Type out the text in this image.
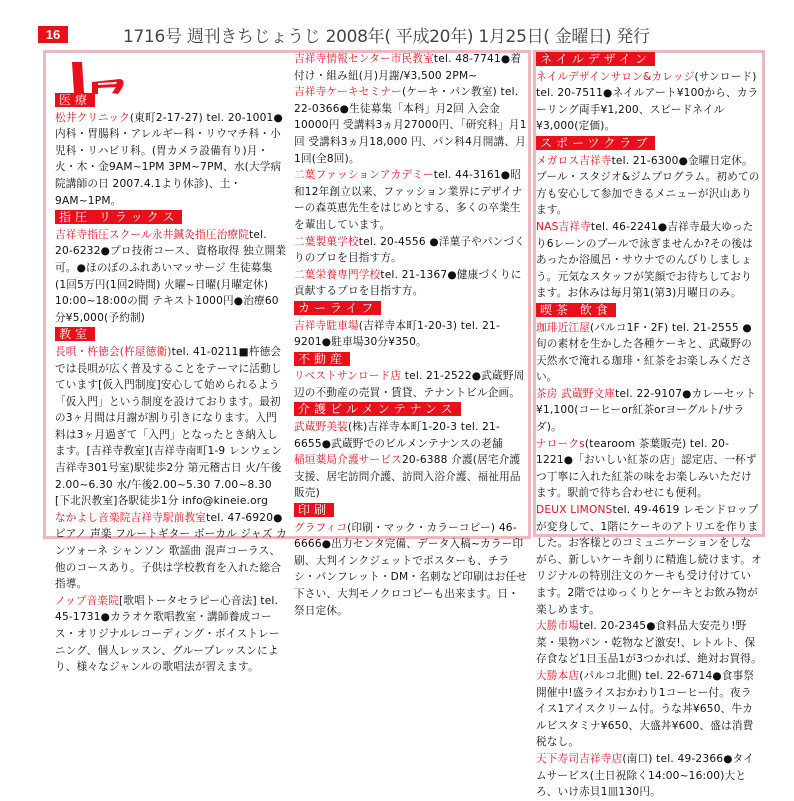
16	1716号 週刊きちじょうじ 2008年( 平成20年) 1月25日( 金曜日) 発行
医療

松井クリニック(東町2-17-27) tel. 20-1001●内科・胃腸科・アレルギー科・リウマチ科・小児科・リハビリ科。(胃カメラ設備有り)月・火・木・金9AM~1PM 3PM~7PM、水(大学病院講師の日 2007.4.1より休診)、土・9AM~1PM。

指圧 リラックス

吉祥寺指圧スクール永井鍼灸指圧治療院tel. 20-6232●プロ技術コース、資格取得 独立開業可。●ほのぼのふれあいマッサージ 生徒募集 (1回5万円(1回2時間) 火曜~日曜(月曜定休) 10:00~18:00の間 テキスト1000円●治療60分¥5,000(予約制)

教室

長唄・杵徳会(杵屋徳衛)tel. 41-0211■杵徳会では長唄が広く普及することをテーマに活動しています[仮入門制度]安心して始められるよう「仮入門」という制度を設けております。最初の3ヶ月間は月謝が割り引きになります。入門料は3ヶ月過ぎて「入門」となったとき納入します。[吉祥寺教室](吉祥寺南町1-9 レンウェン吉祥寺301号室)駅徒歩2分 第元稽古日 火/午後2.00~6.30 水/午後2.00~5.30 7.00~8.30 [下北沢教室]各駅徒歩1分 info@kineie.org

なかよし音楽院吉祥寺駅前教室tel. 47-6920●ピアノ 声楽 フルートギター ボーカル ジャズ カンツォーネ シャンソン 歌謡曲 混声コーラス、他のコースあり。子供は学校教育を入れた総合指導。

ノップ音楽院[歌唱トータセラピー心音法] tel. 45-1731●カラオケ歌唱教室・講師養成コース・オリジナルレコーディング・ボイストレーニング、個人レッスン、グループレッスンにより、様々なジャンルの歌唱法が習えます。

吉祥寺情報センター市民教室tel. 48-7741●着付け・組み紐(月)月謝/¥3,500 2PM~

吉祥寺ケーキセミナー(ケーキ・パン教室) tel. 22-0366●生徒募集「本科」月2回 入会金10000円 受講料3ヵ月27000円、「研究科」月1回 受講料3ヵ月18,000 円、パン科4月開講、月1回(全8回)。

二葉ファッションアカデミーtel. 44-3161●昭和12年創立以来、ファッション業界にデザイナーの森英恵先生をはじめとする、多くの卒業生を輩出しています。

二葉製菓学校tel. 20-4556 ●洋菓子やパンづくりのプロを目指す方。

二葉栄養専門学校tel. 21-1367●健康づくりに貢献するプロを目指す方。

カーライフ

吉祥寺駐車場(吉祥寺本町1-20-3) tel. 21-9201●駐車場30分¥350。

不動産

リベストサンロード店 tel. 21-2522●武蔵野周辺の不動産の売買・賃貸、テナントビル企画。

介護ビルメンテナンス

武蔵野美装(株)吉祥寺本町1-20-3 tel. 21-6655●武蔵野でのビルメンテナンスの老舗

稲垣薬局介護サービス20-6388 介護(居宅介護支援、居宅訪問介護、訪問入浴介護、福祉用品販売)

印刷

グラフィコ(印刷・マック・カラーコピー) 46-6666●出力センタ完備、データ入稿~カラー印刷、大判インクジェットでポスターも、チラシ・パンフレット・DM・名刺など印刷はお任せ下さい、大判モノクロコピーも出来ます。日・祭日定休。

ネイルデザイン

ネイルデザインサロン&カレッジ(サンロード) tel. 20-7511●ネイルアート¥100から、カラーリング両手¥1,200、スピードネイル¥3,000(定価)。

スポーツクラブ

メガロス吉祥寺tel. 21-6300●金曜日定休。プール・スタジオ&ジムプログラム。初めての方も安心して参加できるメニューが沢山あります。

NAS吉祥寺tel. 46-2241●吉祥寺最大ゆったり6レーンのプールで泳ぎませんか?その後はあったか浴風呂・サウナでのんびりしましょう。元気なスタッフが笑顔でお待ちしております。お休みは毎月第1(第3)月曜日のみ。

喫茶 飲食

珈琲近江屋(パルコ1F・2F) tel. 21-2555 ●旬の素材を生かした各種ケーキと、武蔵野の天然水で淹れる珈琲・紅茶をお楽しみください。

茶房 武蔵野文庫tel. 22-9107●カレーセット¥1,100(コーヒーor紅茶orヨーグルト/サラダ)。

ナロークs(tearoom 茶葉販売) tel. 20-1221●「おいしい紅茶の店」認定店、一杯ずつ丁寧に入れた紅茶の味をお楽しみいただけます。駅前で待ち合わせにも便利。

DEUX LIMONStel. 49-4619 レモンドロップが変身して、1階にケーキのアトリエを作りました。お客様とのコミュニケーションをしながら、新しいケーキ創りに精進し続けます。オリジナルの特別注文のケーキも受け付けています。2階ではゆっくりとケーキとお飲み物が楽しめます。

大勝市場tel. 20-2345●食料品大安売り!野菜・果物パン・乾物など激安!、レトルト、保存食など1日玉品1が3つかれば、絶対お買得。

大勝本店(パルコ北側) tel. 22-6714●食事祭開催中!盛ライスおかわり1コーヒー付。夜ライス1アイスクリーム付。うな丼¥650、牛カルビスタミナ¥650、大盛丼¥600、盛は消費税なし。

天下寿司吉祥寺店(南口) tel. 49-2366●タイムサービス(土日祝除く14:00~16:00)大とろ、いけ赤貝1皿130円。
